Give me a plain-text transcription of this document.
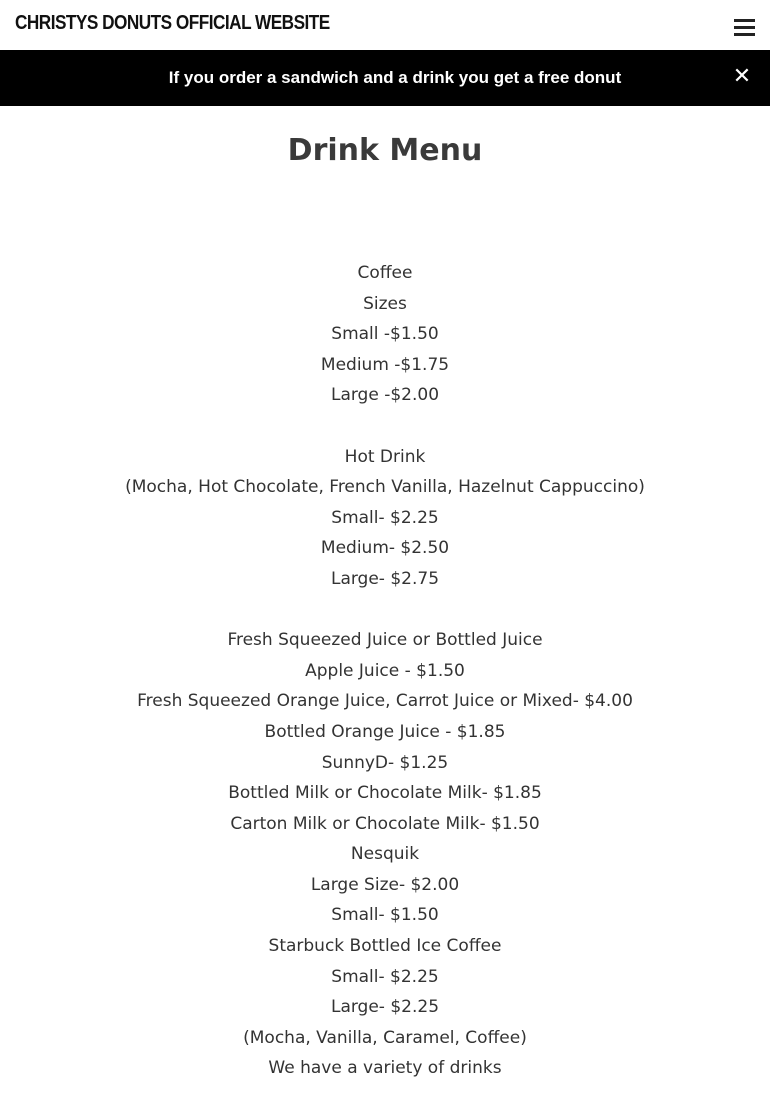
CHRISTYS DONUTS OFFICIAL WEBSITE
If you order a sandwich and a drink you get a free donut	✕
Drink Menu
Coffee
Sizes
Small -$1.50
Medium -$1.75
Large -$2.00
Hot Drink
(Mocha, Hot Chocolate, French Vanilla, Hazelnut Cappuccino)
Small- $2.25
Medium- $2.50
Large- $2.75
Fresh Squeezed Juice or Bottled Juice
Apple Juice - $1.50
Fresh Squeezed Orange Juice, Carrot Juice or Mixed- $4.00
Bottled Orange Juice - $1.85
SunnyD- $1.25
Bottled Milk or Chocolate Milk- $1.85
Carton Milk or Chocolate Milk- $1.50
Nesquik
Large Size- $2.00
Small- $1.50
Starbuck Bottled Ice Coffee
Small- $2.25
Large- $2.25
(Mocha, Vanilla, Caramel, Coffee)
We have a variety of drinks
